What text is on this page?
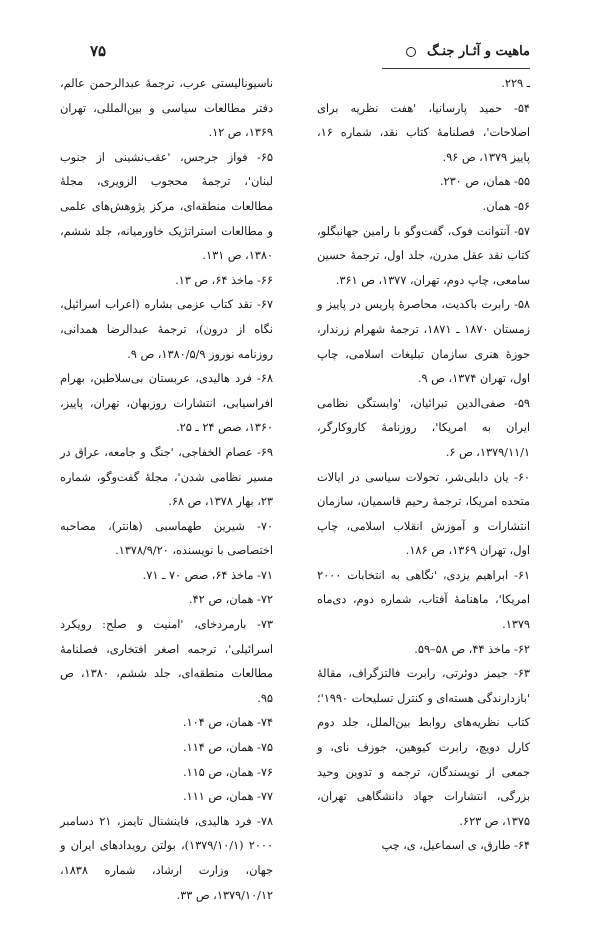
ماهیت و آثـار جنـگ
۷۵

ـ ۲۲۹.

۵۴- حمید پارسانیا، 'هفت نظریه برای اصلاحات'، فصلنامهٔ کتاب نقد، شماره ۱۶، پاییز ۱۳۷۹، ص ۹۶.

۵۵- همان، ص ۲۳۰.

۵۶- همان.

۵۷- آنتوانت فوک، گفت‌وگو با رامین جهانبگلو، کتاب نقد عقل مدرن، جلد اول، ترجمهٔ حسین سامعی، چاپ دوم، تهران، ۱۳۷۷، ص ۳۶۱.

۵۸- رابرت باکدیت، محاصرهٔ پاریس در پاییز و زمستان ۱۸۷۰ ـ ۱۸۷۱، ترجمهٔ شهرام زرندار، حوزهٔ هنری سازمان تبلیغات اسلامی، چاپ اول، تهران ۱۳۷۴، ص ۹.

۵۹- صفی‌الدین تبرائیان، 'وابستگی نظامی ایران به امریکا'، روزنامهٔ کاروکارگر، ۱۳۷۹/۱۱/۱، ص ۶.

۶۰- یان دابلی‌شر، تحولات سیاسی در ایالات متحده امریکا، ترجمهٔ رحیم قاسمیان، سازمان انتشارات و آموزش انقلاب اسلامی، چاپ اول، تهران ۱۳۶۹، ص ۱۸۶.

۶۱- ابراهیم یزدی، 'نگاهی به انتخابات ۲۰۰۰ امریکا'، ماهنامهٔ آفتاب، شماره دوم، دی‌ماه ۱۳۷۹.

۶۲- ماخذ ۴۴، ص ۵۸–۵۹.

۶۳- جیمز دوئرتی، رابرت فالتزگراف، مقالهٔ 'بازدارندگی هسته‌ای و کنترل تسلیحات ۱۹۹۰'؛ کتاب نظریه‌های روابط بین‌الملل، جلد دوم کارل دویچ، رابرت کیوهین، جوزف نای، و جمعی از نویسندگان، ترجمه و تدوین وحید بزرگی، انتشارات جهاد دانشگاهی تهران، ۱۳۷۵، ص ۶۲۳.

۶۴- طارق، ی اسماعیل، ی، چپ

ناسیونالیستی عرب، ترجمهٔ عبدالرحمن عالم، دفتر مطالعات سیاسی و بین‌المللی، تهران ۱۳۶۹، ص ۱۲.

۶۵- فواز جرجس، 'عقب‌نشینی از جنوب لبنان'، ترجمهٔ محجوب الزویری، مجلهٔ مطالعات منطقه‌ای، مرکز پژوهش‌های علمی و مطالعات استراتژیک خاورمیانه، جلد ششم، ۱۳۸۰، ص ۱۳۱.

۶۶- ماخذ ۶۴، ص ۱۳.

۶۷- نقد کتاب عزمی بشاره (اعراب اسرائیل، نگاه از درون)، ترجمهٔ عبدالرضا همدانی، روزنامه نوروز ۱۳۸۰/۵/۹، ص ۹.

۶۸- فرد هالیدی، عربستان بی‌سلاطین، بهرام افراسیابی، انتشارات روزبهان، تهران، پاییز، ۱۳۶۰، صص ۲۴ ـ ۲۵.

۶۹- عصام الخفاجی، 'جنگ و جامعه، عراق در مسیر نظامی شدن'، مجلهٔ گفت‌وگو، شماره ۲۳، بهار ۱۳۷۸، ص ۶۸.

۷۰- شیرین طهماسبی (هانتر)، مصاحبه اختصاصی با نویسنده، ۱۳۷۸/۹/۲۰.

۷۱- ماخذ ۶۴، صص ۷۰ ـ ۷۱.

۷۲- همان، ص ۴۲.

۷۳- بارمردخای، 'امنیت و صلح: رویکرد اسرائیلی'، ترجمه اصغر افتخاری، فصلنامهٔ مطالعات منطقه‌ای، جلد ششم، ۱۳۸۰، ص ۹۵.

۷۴- همان، ص ۱۰۴.

۷۵- همان، ص ۱۱۴.

۷۶- همان، ص ۱۱۵.

۷۷- همان، ص ۱۱۱.

۷۸- فرد هالیدی، فاینشنال تایمز، ۲۱ دسامبر ۲۰۰۰ (۱۳۷۹/۱۰/۱)، بولتن رویدادهای ایران و جهان، وزارت ارشاد، شماره ۱۸۳۸، ۱۳۷۹/۱۰/۱۲، ص ۳۳.
